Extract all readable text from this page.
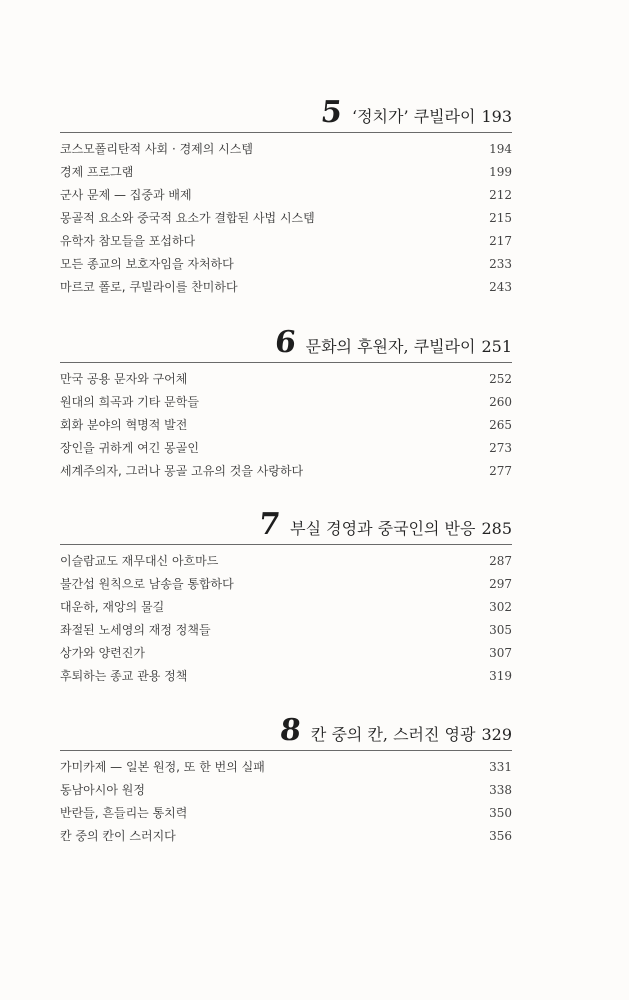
5 ‘정치가’ 쿠빌라이 193
코스모폴리탄적 사회 · 경제의 시스템	194
경제 프로그램	199
군사 문제 — 집중과 배제	212
몽골적 요소와 중국적 요소가 결합된 사법 시스템	215
유학자 참모들을 포섭하다	217
모든 종교의 보호자임을 자처하다	233
마르코 폴로, 쿠빌라이를 찬미하다	243
6 문화의 후원자, 쿠빌라이 251
만국 공용 문자와 구어체	252
원대의 희곡과 기타 문학들	260
회화 분야의 혁명적 발전	265
장인을 귀하게 여긴 몽골인	273
세계주의자, 그러나 몽골 고유의 것을 사랑하다	277
7 부실 경영과 중국인의 반응 285
이슬람교도 재무대신 아흐마드	287
불간섭 원칙으로 남송을 통합하다	297
대운하, 재앙의 물길	302
좌절된 노세영의 재정 정책들	305
상가와 양련진가	307
후퇴하는 종교 관용 정책	319
8 칸 중의 칸, 스러진 영광 329
가미카제 — 일본 원정, 또 한 번의 실패	331
동남아시아 원정	338
반란들, 흔들리는 통치력	350
칸 중의 칸이 스러지다	356
